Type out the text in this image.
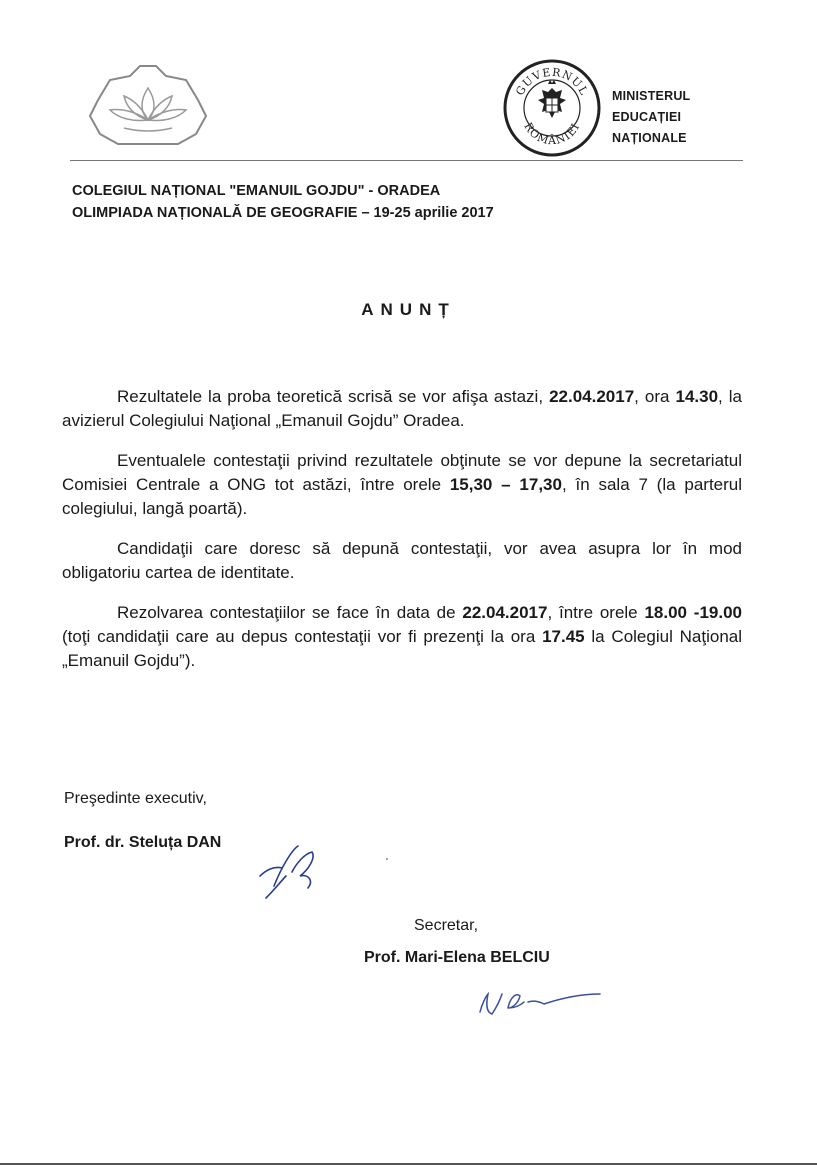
GUVERNUL
ROMÂNIEI
MINISTERUL
EDUCAȚIEI
NAȚIONALE
COLEGIUL NAȚIONAL "EMANUIL GOJDU" - ORADEA
OLIMPIADA NAȚIONALĂ DE GEOGRAFIE – 19-25 aprilie 2017
ANUNȚ

Rezultatele la proba teoretică scrisă se vor afişa astazi, 22.04.2017, ora 14.30, la avizierul Colegiului Naţional „Emanuil Gojdu” Oradea.

Eventualele contestaţii privind rezultatele obţinute se vor depune la secretariatul Comisiei Centrale a ONG tot astăzi, între orele 15,30 – 17,30, în sala 7 (la parterul colegiului, langă poartă).

Candidaţii care doresc să depună contestaţii, vor avea asupra lor în mod obligatoriu cartea de identitate.

Rezolvarea contestaţiilor se face în data de 22.04.2017, între orele 18.00 -19.00 (toţi candidaţii care au depus contestaţii vor fi prezenţi la ora 17.45 la Colegiul Naţional „Emanuil Gojdu”).

Preşedinte executiv,
Prof. dr. Steluța DAN
Secretar,
Prof. Mari-Elena BELCIU
